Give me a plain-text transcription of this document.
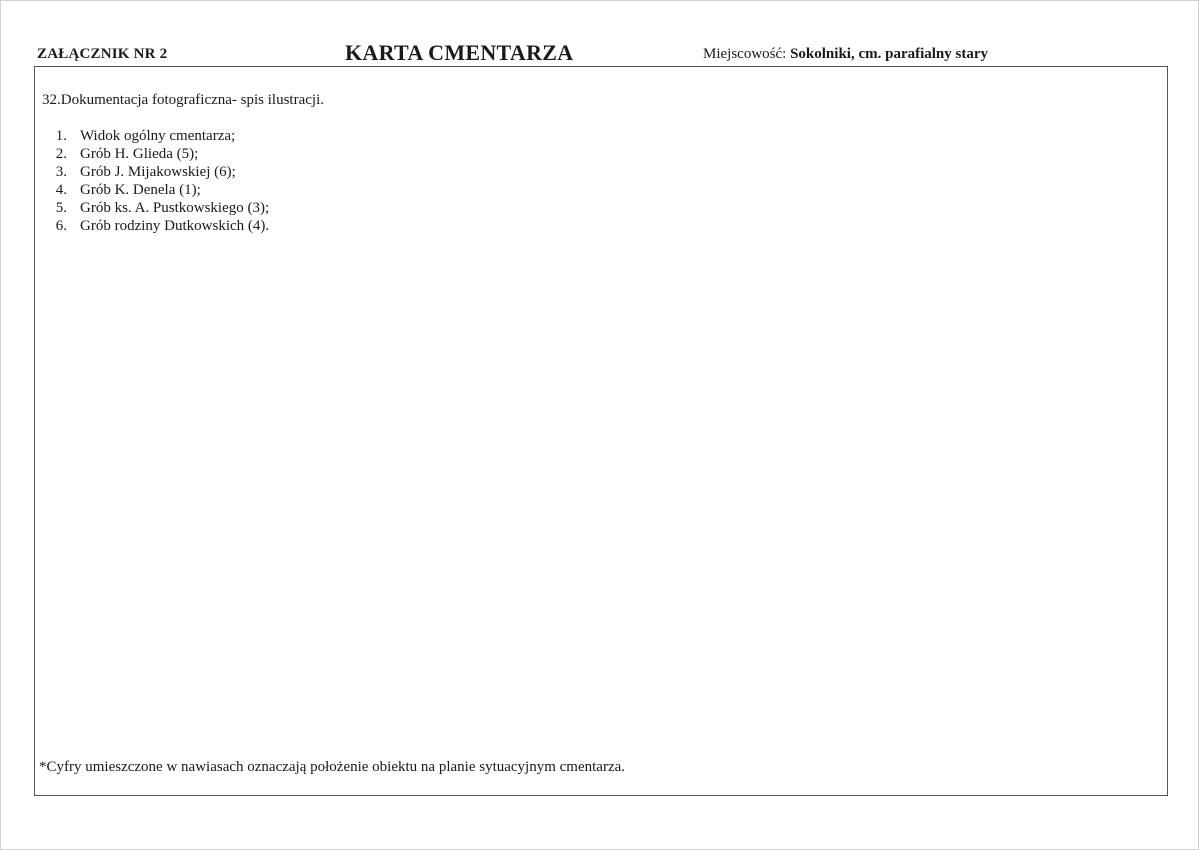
ZAŁĄCZNIK NR 2	KARTA CMENTARZA	Miejscowość: Sokolniki, cm. parafialny stary
32.Dokumentacja fotograficzna- spis ilustracji.
1. Widok ogólny cmentarza;
2. Grób H. Glieda (5);
3. Grób J. Mijakowskiej (6);
4. Grób K. Denela (1);
5. Grób ks. A. Pustkowskiego (3);
6. Grób rodziny Dutkowskich (4).
*Cyfry umieszczone w nawiasach oznaczają położenie obiektu na planie sytuacyjnym cmentarza.
